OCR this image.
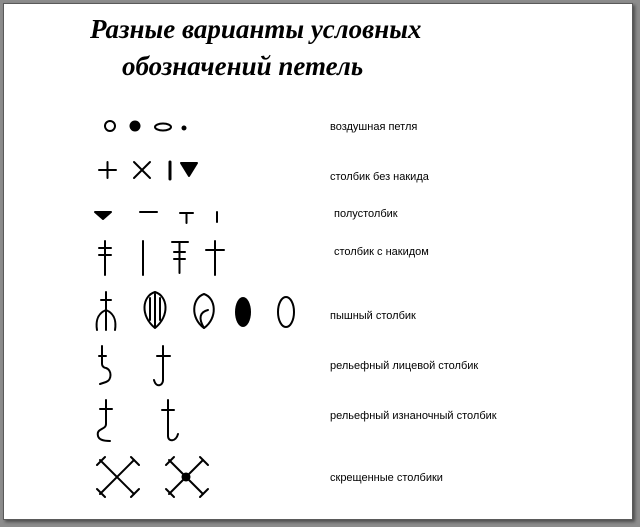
Разные варианты условных
обозначений петель
воздушная петля
столбик без накида
полустолбик
столбик с накидом
пышный столбик
рельефный лицевой столбик
рельефный изнаночный столбик
скрещенные столбики
